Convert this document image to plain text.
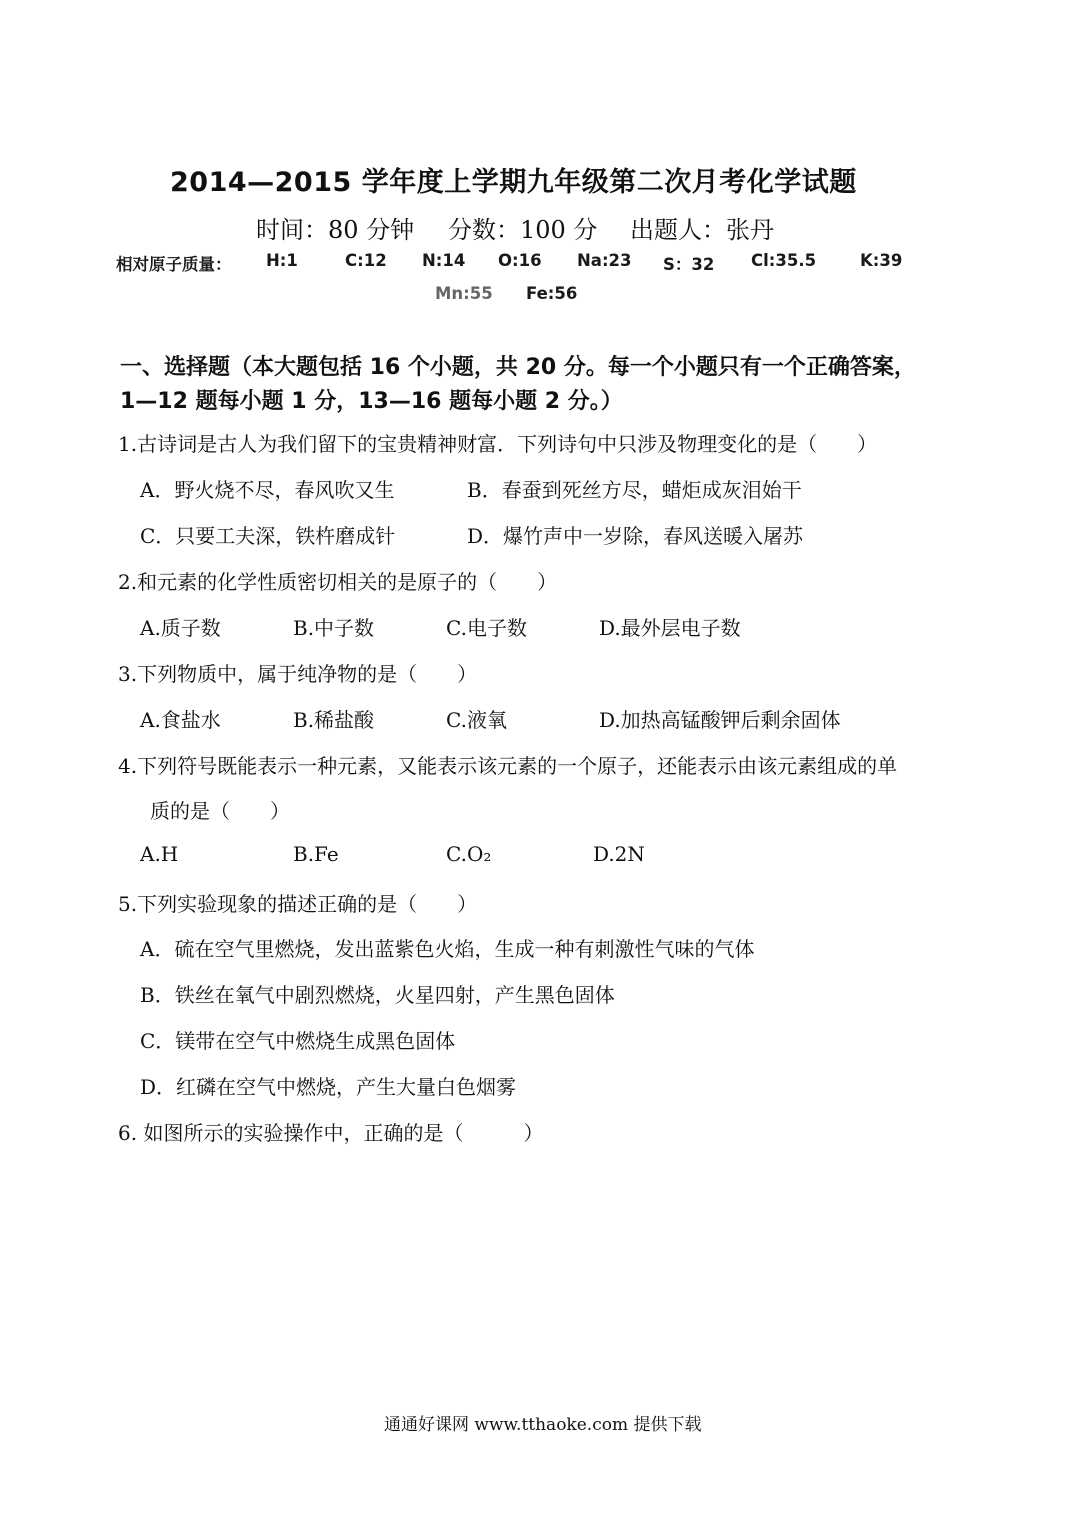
2014—2015 学年度上学期九年级第二次月考化学试题
时间：80 分钟 分数：100 分 出题人：张丹
相对原子质量： H:1	C:12 N:14 O:16 Na:23 S：32 Cl:35.5	K:39
Mn:55 Fe:56
一、选择题（本大题包括 16 个小题，共 20 分。每一个小题只有一个正确答案，
1—12 题每小题 1 分，13—16 题每小题 2 分。）
1.古诗词是古人为我们留下的宝贵精神财富．下列诗句中只涉及物理变化的是（　　）
A．野火烧不尽，春风吹又生	B．春蚕到死丝方尽，蜡炬成灰泪始干
C．只要工夫深，铁杵磨成针	D．爆竹声中一岁除，春风送暖入屠苏
2.和元素的化学性质密切相关的是原子的（　　）
A.质子数	B.中子数	C.电子数	D.最外层电子数
3.下列物质中，属于纯净物的是（　　）
A.食盐水	B.稀盐酸	C.液氧	D.加热高锰酸钾后剩余固体
4.下列符号既能表示一种元素，又能表示该元素的一个原子，还能表示由该元素组成的单
质的是（　　）
A.H	B.Fe	C.O₂	D.2N
5.下列实验现象的描述正确的是（　　）
A．硫在空气里燃烧，发出蓝紫色火焰，生成一种有刺激性气味的气体
B．铁丝在氧气中剧烈燃烧，火星四射，产生黑色固体
C．镁带在空气中燃烧生成黑色固体
D．红磷在空气中燃烧，产生大量白色烟雾
6. 如图所示的实验操作中，正确的是（　　　）
通通好课网 www.tthaoke.com 提供下载
